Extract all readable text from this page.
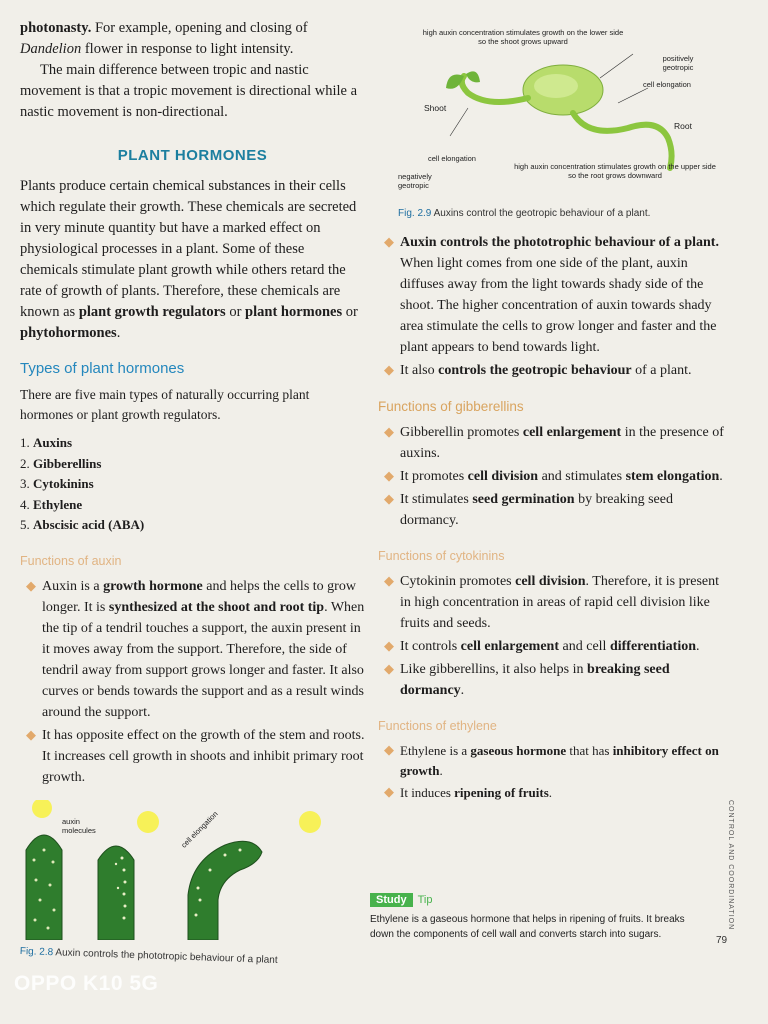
photonasty. For example, opening and closing of Dandelion flower in response to light intensity.

The main difference between tropic and nastic movement is that a tropic movement is directional while a nastic movement is non-directional.

PLANT HORMONES

Plants produce certain chemical substances in their cells which regulate their growth. These chemicals are secreted in very minute quantity but have a marked effect on physiological processes in a plant. Some of these chemicals stimulate plant growth while others retard the rate of growth of plants. Therefore, these chemicals are known as plant growth regulators or plant hormones or phytohormones.

Types of plant hormones

There are five main types of naturally occurring plant hormones or plant growth regulators.

1. Auxins
2. Gibberellins
3. Cytokinins
4. Ethylene
5. Abscisic acid (ABA)
Functions of auxin
◆ Auxin is a growth hormone and helps the cells to grow longer. It is synthesized at the shoot and root tip. When the tip of a tendril touches a support, the auxin present in it moves away from the support. Therefore, the side of tendril away from support grows longer and faster. It also curves or bends towards the support and as a result winds around the support.
◆ It has opposite effect on the growth of the stem and roots. It increases cell growth in shoots and inhibit primary root growth.
auxin molecules	cell elongation
Fig. 2.8 Auxin controls the phototropic behaviour of a plant
high auxin concentration stimulates growth on the lower side so the shoot grows upward
positively geotropic
cell elongation
Shoot
Root
cell elongation
negatively geotropic
high auxin concentration stimulates growth on the upper side so the root grows downward
Fig. 2.9 Auxins control the geotropic behaviour of a plant.
◆ Auxin controls the phototrophic behaviour of a plant. When light comes from one side of the plant, auxin diffuses away from the light towards shady side of the shoot. The higher concentration of auxin towards shady area stimulate the cells to grow longer and faster and the plant appears to bend towards light.
◆ It also controls the geotropic behaviour of a plant.
Functions of gibberellins
◆ Gibberellin promotes cell enlargement in the presence of auxins.
◆ It promotes cell division and stimulates stem elongation.
◆ It stimulates seed germination by breaking seed dormancy.
Functions of cytokinins
◆ Cytokinin promotes cell division. Therefore, it is present in high concentration in areas of rapid cell division like fruits and seeds.
◆ It controls cell enlargement and cell differentiation.
◆ Like gibberellins, it also helps in breaking seed dormancy.
Functions of ethylene
◆ Ethylene is a gaseous hormone that has inhibitory effect on growth.
◆ It induces ripening of fruits.
Study Tip

Ethylene is a gaseous hormone that helps in ripening of fruits. It breaks down the components of cell wall and converts starch into sugars.

CONTROL AND COORDINATION
79
OPPO K10 5G
